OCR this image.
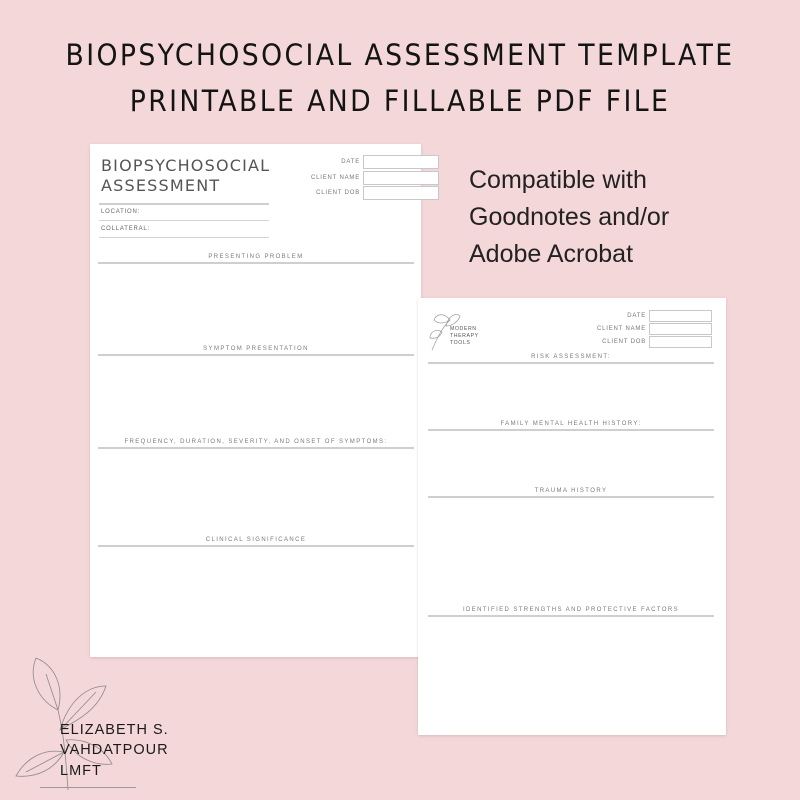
BIOPSYCHOSOCIAL ASSESSMENT TEMPLATE
PRINTABLE AND FILLABLE PDF FILE
Compatible with
Goodnotes and/or
Adobe Acrobat
BIOPSYCHOSOCIAL
ASSESSMENT
DATE
CLIENT NAME
CLIENT DOB
LOCATION:
COLLATERAL:
PRESENTING PROBLEM
SYMPTOM PRESENTATION
FREQUENCY, DURATION, SEVERITY, AND ONSET OF SYMPTOMS:
CLINICAL SIGNIFICANCE
MODERN
THERAPY
TOOLS
DATE
CLIENT NAME
CLIENT DOB
RISK ASSESSMENT:
FAMILY MENTAL HEALTH HISTORY:
TRAUMA HISTORY
IDENTIFIED STRENGTHS AND PROTECTIVE FACTORS
ELIZABETH S.
VAHDATPOUR
LMFT
